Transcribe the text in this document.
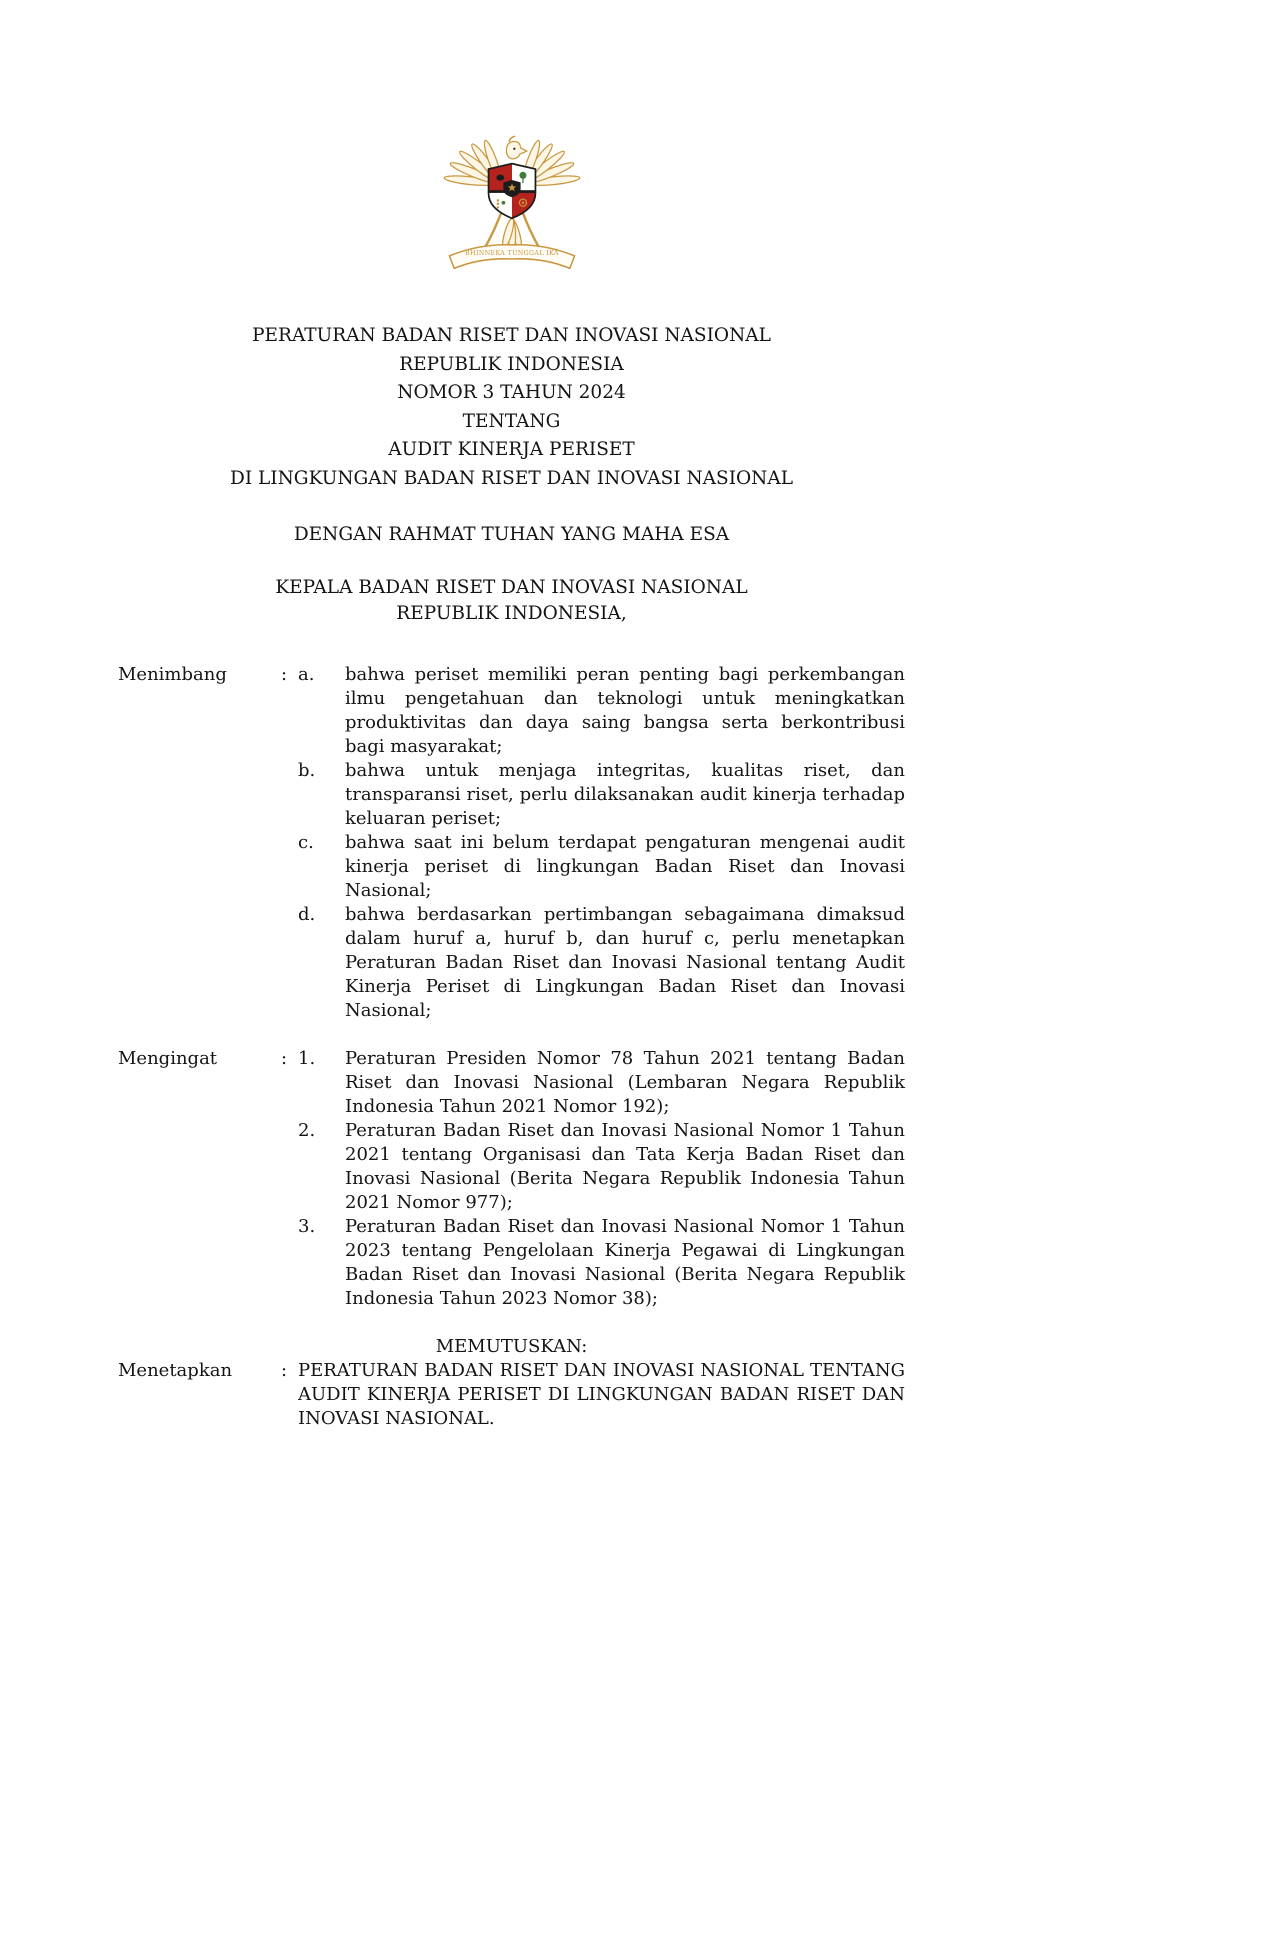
BHINNEKA TUNGGAL IKA
PERATURAN BADAN RISET DAN INOVASI NASIONAL
REPUBLIK INDONESIA
NOMOR 3 TAHUN 2024
TENTANG
AUDIT KINERJA PERISET
DI LINGKUNGAN BADAN RISET DAN INOVASI NASIONAL
DENGAN RAHMAT TUHAN YANG MAHA ESA
KEPALA BADAN RISET DAN INOVASI NASIONAL
REPUBLIK INDONESIA,
Menimbang	: a.	bahwa periset memiliki peran penting bagi perkembangan ilmu pengetahuan dan teknologi untuk meningkatkan produktivitas dan daya saing bangsa serta berkontribusi bagi masyarakat;
b.	bahwa untuk menjaga integritas, kualitas riset, dan transparansi riset, perlu dilaksanakan audit kinerja terhadap keluaran periset;
c.	bahwa saat ini belum terdapat pengaturan mengenai audit kinerja periset di lingkungan Badan Riset dan Inovasi Nasional;
d.	bahwa berdasarkan pertimbangan sebagaimana dimaksud dalam huruf a, huruf b, dan huruf c, perlu menetapkan Peraturan Badan Riset dan Inovasi Nasional tentang Audit Kinerja Periset di Lingkungan Badan Riset dan Inovasi Nasional;
Mengingat	: 1.	Peraturan Presiden Nomor 78 Tahun 2021 tentang Badan Riset dan Inovasi Nasional (Lembaran Negara Republik Indonesia Tahun 2021 Nomor 192);
2.	Peraturan Badan Riset dan Inovasi Nasional Nomor 1 Tahun 2021 tentang Organisasi dan Tata Kerja Badan Riset dan Inovasi Nasional (Berita Negara Republik Indonesia Tahun 2021 Nomor 977);
3.	Peraturan Badan Riset dan Inovasi Nasional Nomor 1 Tahun 2023 tentang Pengelolaan Kinerja Pegawai di Lingkungan Badan Riset dan Inovasi Nasional (Berita Negara Republik Indonesia Tahun 2023 Nomor 38);
MEMUTUSKAN:
Menetapkan	: PERATURAN BADAN RISET DAN INOVASI NASIONAL TENTANG AUDIT KINERJA PERISET DI LINGKUNGAN BADAN RISET DAN INOVASI NASIONAL.
